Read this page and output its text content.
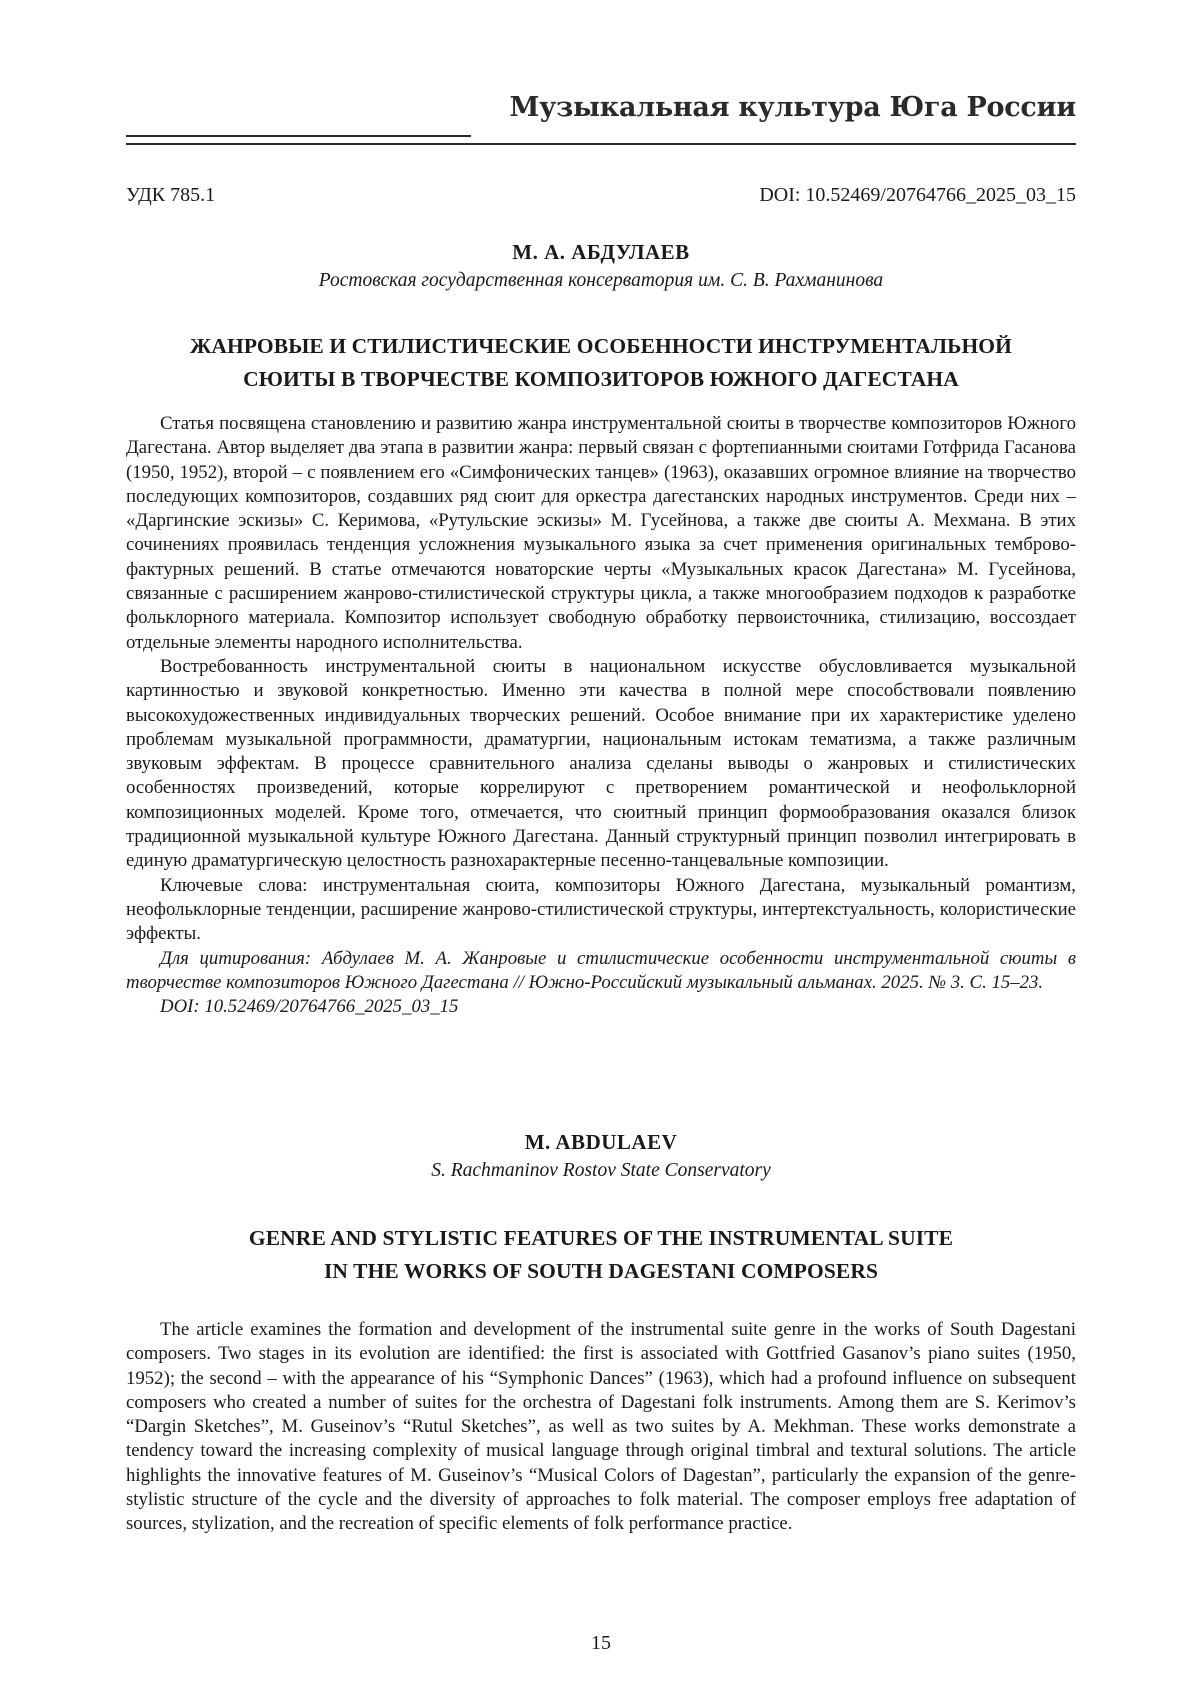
Музыкальная культура Юга России
УДК 785.1	DOI: 10.52469/20764766_2025_03_15
М. А. АБДУЛАЕВ
Ростовская государственная консерватория им. С. В. Рахманинова
ЖАНРОВЫЕ И СТИЛИСТИЧЕСКИЕ ОСОБЕННОСТИ ИНСТРУМЕНТАЛЬНОЙ
СЮИТЫ В ТВОРЧЕСТВЕ КОМПОЗИТОРОВ ЮЖНОГО ДАГЕСТАНА

Статья посвящена становлению и развитию жанра инструментальной сюиты в творчестве композиторов Южного Дагестана. Автор выделяет два этапа в развитии жанра: первый связан с фортепианными сюитами Готфрида Гасанова (1950, 1952), второй – с появлением его «Симфонических танцев» (1963), оказавших огромное влияние на творчество последующих композиторов, создавших ряд сюит для оркестра дагестанских народных инструментов. Среди них – «Даргинские эскизы» С. Керимова, «Рутульские эскизы» М. Гусейнова, а также две сюиты А. Мехмана. В этих сочинениях проявилась тенденция усложнения музыкального языка за счет применения оригинальных темброво-фактурных решений. В статье отмечаются новаторские черты «Музыкальных красок Дагестана» М. Гусейнова, связанные с расширением жанрово-стилистической структуры цикла, а также многообразием подходов к разработке фольклорного материала. Композитор использует свободную обработку первоисточника, стилизацию, воссоздает отдельные элементы народного исполнительства.

Востребованность инструментальной сюиты в национальном искусстве обусловливается музыкальной картинностью и звуковой конкретностью. Именно эти качества в полной мере способствовали появлению высокохудожественных индивидуальных творческих решений. Особое внимание при их характеристике уделено проблемам музыкальной программности, драматургии, национальным истокам тематизма, а также различным звуковым эффектам. В процессе сравнительного анализа сделаны выводы о жанровых и стилистических особенностях произведений, которые коррелируют с претворением романтической и неофольклорной композиционных моделей. Кроме того, отмечается, что сюитный принцип формообразования оказался близок традиционной музыкальной культуре Южного Дагестана. Данный структурный принцип позволил интегрировать в единую драматургическую целостность разнохарактерные песенно-танцевальные композиции.

Ключевые слова: инструментальная сюита, композиторы Южного Дагестана, музыкальный романтизм, неофольклорные тенденции, расширение жанрово-стилистической структуры, интертекстуальность, колористические эффекты.

Для цитирования: Абдулаев М. А. Жанровые и стилистические особенности инструментальной сюиты в творчестве композиторов Южного Дагестана // Южно-Российский музыкальный альманах. 2025. № 3. С. 15–23.

DOI: 10.52469/20764766_2025_03_15

M. ABDULAEV
S. Rachmaninov Rostov State Conservatory
GENRE AND STYLISTIC FEATURES OF THE INSTRUMENTAL SUITE
IN THE WORKS OF SOUTH DAGESTANI COMPOSERS

The article examines the formation and development of the instrumental suite genre in the works of South Dagestani composers. Two stages in its evolution are identified: the first is associated with Gottfried Gasanov’s piano suites (1950, 1952); the second – with the appearance of his “Symphonic Dances” (1963), which had a profound influence on subsequent composers who created a number of suites for the orchestra of Dagestani folk instruments. Among them are S. Kerimov’s “Dargin Sketches”, M. Guseinov’s “Rutul Sketches”, as well as two suites by A. Mekhman. These works demonstrate a tendency toward the increasing complexity of musical language through original timbral and textural solutions. The article highlights the innovative features of M. Guseinov’s “Musical Colors of Dagestan”, particularly the expansion of the genre-stylistic structure of the cycle and the diversity of approaches to folk material. The composer employs free adaptation of sources, stylization, and the recreation of specific elements of folk performance practice.

15
